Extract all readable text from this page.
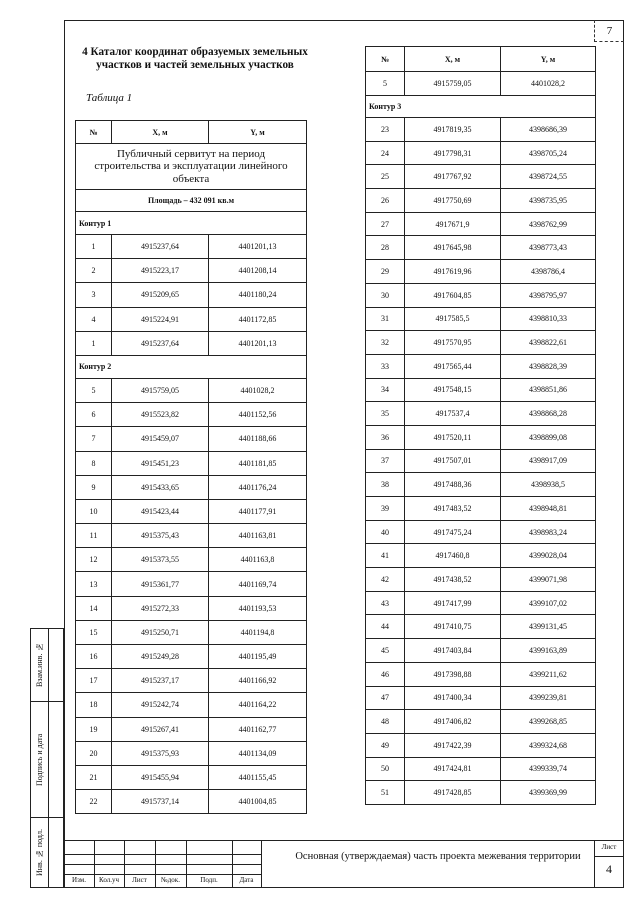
7
Взам.инв. №
Подпись и дата
Инв. № подл.
4 Каталог координат образуемых земельных участков и частей земельных участков
Таблица 1
№	X, м	Y, м
Публичный сервитут на период строительства и эксплуатации линейного объекта		
Площадь – 432 091 кв.м		
Контур 1		
1	4915237,64	4401201,13
2	4915223,17	4401208,14
3	4915209,65	4401180,24
4	4915224,91	4401172,85
1	4915237,64	4401201,13
Контур 2		
5	4915759,05	4401028,2
6	4915523,82	4401152,56
7	4915459,07	4401188,66
8	4915451,23	4401181,85
9	4915433,65	4401176,24
10	4915423,44	4401177,91
11	4915375,43	4401163,81
12	4915373,55	4401163,8
13	4915361,77	4401169,74
14	4915272,33	4401193,53
15	4915250,71	4401194,8
16	4915249,28	4401195,49
17	4915237,17	4401166,92
18	4915242,74	4401164,22
19	4915267,41	4401162,77
20	4915375,93	4401134,09
21	4915455,94	4401155,45
22	4915737,14	4401004,85
№	X, м	Y, м
5	4915759,05	4401028,2
Контур 3		
23	4917819,35	4398686,39
24	4917798,31	4398705,24
25	4917767,92	4398724,55
26	4917750,69	4398735,95
27	4917671,9	4398762,99
28	4917645,98	4398773,43
29	4917619,96	4398786,4
30	4917604,85	4398795,97
31	4917585,5	4398810,33
32	4917570,95	4398822,61
33	4917565,44	4398828,39
34	4917548,15	4398851,86
35	4917537,4	4398868,28
36	4917520,11	4398899,08
37	4917507,01	4398917,09
38	4917488,36	4398938,5
39	4917483,52	4398948,81
40	4917475,24	4398983,24
41	4917460,8	4399028,04
42	4917438,52	4399071,98
43	4917417,99	4399107,02
44	4917410,75	4399131,45
45	4917403,84	4399163,89
46	4917398,88	4399211,62
47	4917400,34	4399239,81
48	4917406,82	4399268,85
49	4917422,39	4399324,68
50	4917424,81	4399339,74
51	4917428,85	4399369,99
Изм.	Кол.уч	Лист	№док.	Подп.	Дата
Основная (утверждаемая) часть проекта межевания территории
Лист
4
